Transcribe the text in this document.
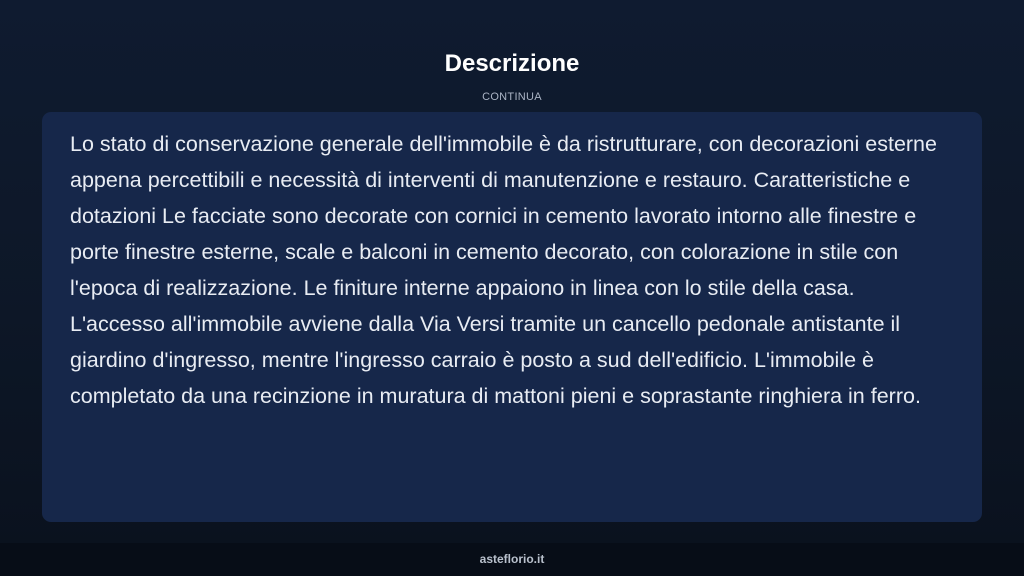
Descrizione
CONTINUA

Lo stato di conservazione generale dell'immobile è da ristrutturare, con decorazioni esterne appena percettibili e necessità di interventi di manutenzione e restauro. Caratteristiche e dotazioni Le facciate sono decorate con cornici in cemento lavorato intorno alle finestre e porte finestre esterne, scale e balconi in cemento decorato, con colorazione in stile con l'epoca di realizzazione. Le finiture interne appaiono in linea con lo stile della casa. L'accesso all'immobile avviene dalla Via Versi tramite un cancello pedonale antistante il giardino d'ingresso, mentre l'ingresso carraio è posto a sud dell'edificio. L'immobile è completato da una recinzione in muratura di mattoni pieni e soprastante ringhiera in ferro.

asteflorio.it
